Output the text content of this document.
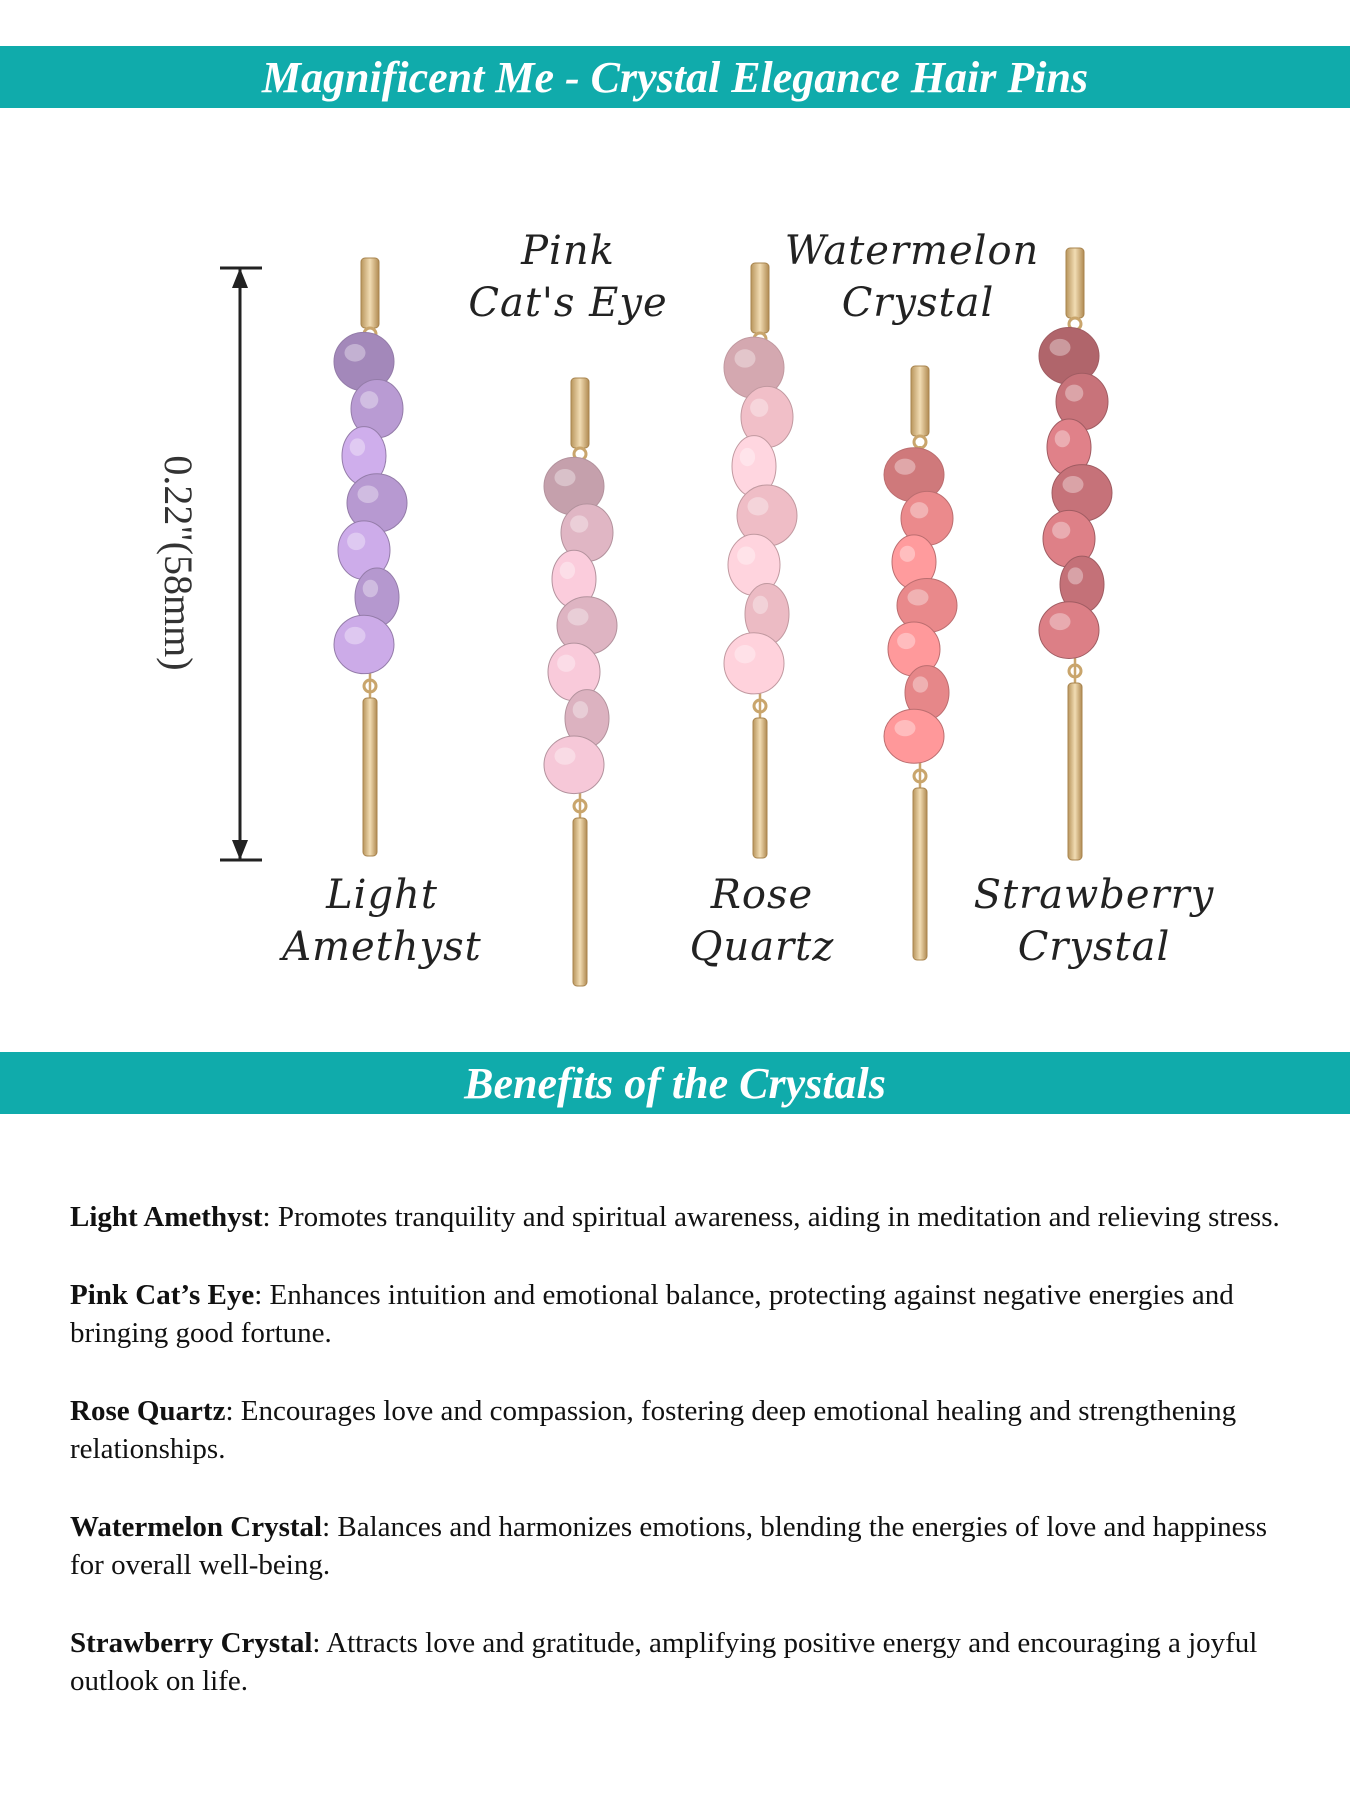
Magnificent Me - Crystal Elegance Hair Pins
0.22"(58mm)
Light
Amethyst
Pink
Cat's Eye
Rose
Quartz
Watermelon
Crystal
Strawberry
Crystal
Benefits of the Crystals

Light Amethyst: Promotes tranquility and spiritual awareness, aiding in meditation and relieving stress.

Pink Cat’s Eye: Enhances intuition and emotional balance, protecting against negative energies and bringing good fortune.

Rose Quartz: Encourages love and compassion, fostering deep emotional healing and strengthening relationships.

Watermelon Crystal: Balances and harmonizes emotions, blending the energies of love and happiness for overall well-being.

Strawberry Crystal: Attracts love and gratitude, amplifying positive energy and encouraging a joyful outlook on life.
